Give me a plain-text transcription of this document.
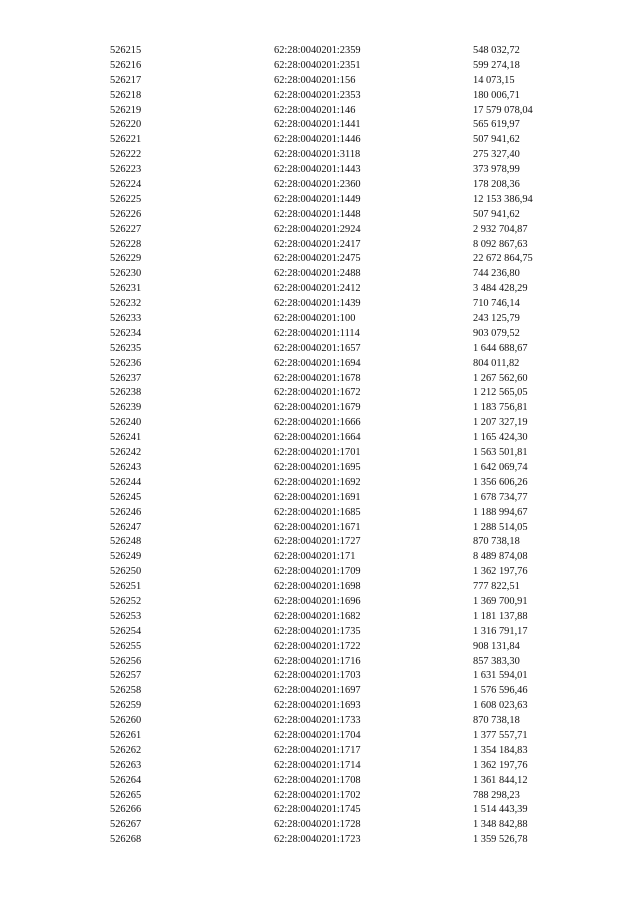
526215	62:28:0040201:2359	548 032,72
526216	62:28:0040201:2351	599 274,18
526217	62:28:0040201:156	14 073,15
526218	62:28:0040201:2353	180 006,71
526219	62:28:0040201:146	17 579 078,04
526220	62:28:0040201:1441	565 619,97
526221	62:28:0040201:1446	507 941,62
526222	62:28:0040201:3118	275 327,40
526223	62:28:0040201:1443	373 978,99
526224	62:28:0040201:2360	178 208,36
526225	62:28:0040201:1449	12 153 386,94
526226	62:28:0040201:1448	507 941,62
526227	62:28:0040201:2924	2 932 704,87
526228	62:28:0040201:2417	8 092 867,63
526229	62:28:0040201:2475	22 672 864,75
526230	62:28:0040201:2488	744 236,80
526231	62:28:0040201:2412	3 484 428,29
526232	62:28:0040201:1439	710 746,14
526233	62:28:0040201:100	243 125,79
526234	62:28:0040201:1114	903 079,52
526235	62:28:0040201:1657	1 644 688,67
526236	62:28:0040201:1694	804 011,82
526237	62:28:0040201:1678	1 267 562,60
526238	62:28:0040201:1672	1 212 565,05
526239	62:28:0040201:1679	1 183 756,81
526240	62:28:0040201:1666	1 207 327,19
526241	62:28:0040201:1664	1 165 424,30
526242	62:28:0040201:1701	1 563 501,81
526243	62:28:0040201:1695	1 642 069,74
526244	62:28:0040201:1692	1 356 606,26
526245	62:28:0040201:1691	1 678 734,77
526246	62:28:0040201:1685	1 188 994,67
526247	62:28:0040201:1671	1 288 514,05
526248	62:28:0040201:1727	870 738,18
526249	62:28:0040201:171	8 489 874,08
526250	62:28:0040201:1709	1 362 197,76
526251	62:28:0040201:1698	777 822,51
526252	62:28:0040201:1696	1 369 700,91
526253	62:28:0040201:1682	1 181 137,88
526254	62:28:0040201:1735	1 316 791,17
526255	62:28:0040201:1722	908 131,84
526256	62:28:0040201:1716	857 383,30
526257	62:28:0040201:1703	1 631 594,01
526258	62:28:0040201:1697	1 576 596,46
526259	62:28:0040201:1693	1 608 023,63
526260	62:28:0040201:1733	870 738,18
526261	62:28:0040201:1704	1 377 557,71
526262	62:28:0040201:1717	1 354 184,83
526263	62:28:0040201:1714	1 362 197,76
526264	62:28:0040201:1708	1 361 844,12
526265	62:28:0040201:1702	788 298,23
526266	62:28:0040201:1745	1 514 443,39
526267	62:28:0040201:1728	1 348 842,88
526268	62:28:0040201:1723	1 359 526,78
